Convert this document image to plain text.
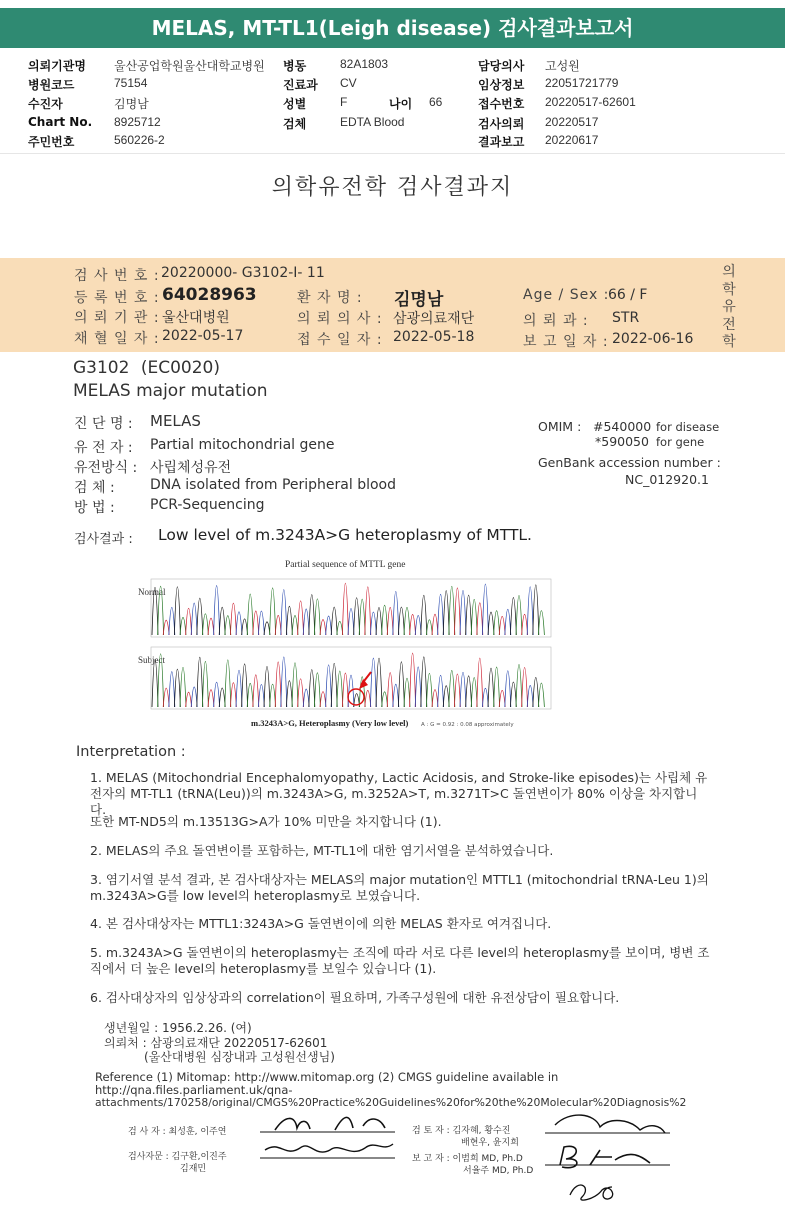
MELAS, MT-TL1(Leigh disease) 검사결과보고서
의뢰기관명 울산공업학원울산대학교병원
병원코드	75154
수진자	김명남
Chart No. 8925712
주민번호	560226-2
병동	82A1803
진료과 CV
성별	F	나이 66
검체	EDTA Blood
담당의사 고성원
임상정보 22051721779
접수번호 20220517-62601
검사의뢰 20220517
결과보고 20220617
의학유전학 검사결과지
검 사 번 호 : 20220000- G3102-I- 11
등 록 번 호 : 64028963
의 뢰 기 관 : 울산대병원
채 혈 일 자 : 2022-05-17
환 자 명 : 김명남
의 뢰 의 사 : 삼광의료재단
접 수 일 자 : 2022-05-18
Age / Sex :
66 / F
의 뢰 과 : STR
보 고 일 자 : 2022-06-16
의
학
유
전
학
G3102 (EC0020)
MELAS major mutation
진 단 명 : MELAS
유 전 자 : Partial mitochondrial gene
유전방식 : 사립체성유전
검 체 :	DNA isolated from Peripheral blood
방 법 :	PCR-Sequencing
OMIM : #540000 for disease
*590050 for gene
GenBank accession number :
NC_012920.1
검사결과 : Low level of m.3243A>G heteroplasmy of MTTL.
Partial sequence of MTTL gene
Normal
Subject
m.3243A>G, Heteroplasmy (Very low level) A : G = 0.92 : 0.08 approximately
Interpretation :
1. MELAS (Mitochondrial Encephalomyopathy, Lactic Acidosis, and Stroke-like episodes)는 사립체 유전자의 MT-TL1 (tRNA(Leu))의 m.3243A>G, m.3252A>T, m.3271T>C 돌연변이가 80% 이상을 차지합니다.
또한 MT-ND5의 m.13513G>A가 10% 미만을 차지합니다 (1).
2. MELAS의 주요 돌연변이를 포함하는, MT-TL1에 대한 염기서열을 분석하였습니다.
3. 염기서열 분석 결과, 본 검사대상자는 MELAS의 major mutation인 MTTL1 (mitochondrial tRNA-Leu 1)의 m.3243A>G를 low level의 heteroplasmy로 보였습니다.
4. 본 검사대상자는 MTTL1:3243A>G 돌연변이에 의한 MELAS 환자로 여겨집니다.
5. m.3243A>G 돌연변이의 heteroplasmy는 조직에 따라 서로 다른 level의 heteroplasmy를 보이며, 병변 조직에서 더 높은 level의 heteroplasmy를 보일수 있습니다 (1).
6. 검사대상자의 임상상과의 correlation이 필요하며, 가족구성원에 대한 유전상담이 필요합니다.
생년월일 : 1956.2.26. (여)
의뢰처 : 삼광의료재단 20220517-62601
(울산대병원 심장내과 고성원선생님)
Reference (1) Mitomap: http://www.mitomap.org (2) CMGS guideline available in
http://qna.files.parliament.uk/qna-
attachments/170258/original/CMGS%20Practice%20Guidelines%20for%20the%20Molecular%20Diagnosis%2
검 사 자 : 최성훈, 이주연
검사자문 : 김구환,이진주
김재민
검 토 자 : 김자혜, 황수진
배현우, 윤지희
보 고 자 : 이범희 MD, Ph.D
서율주 MD, Ph.D
